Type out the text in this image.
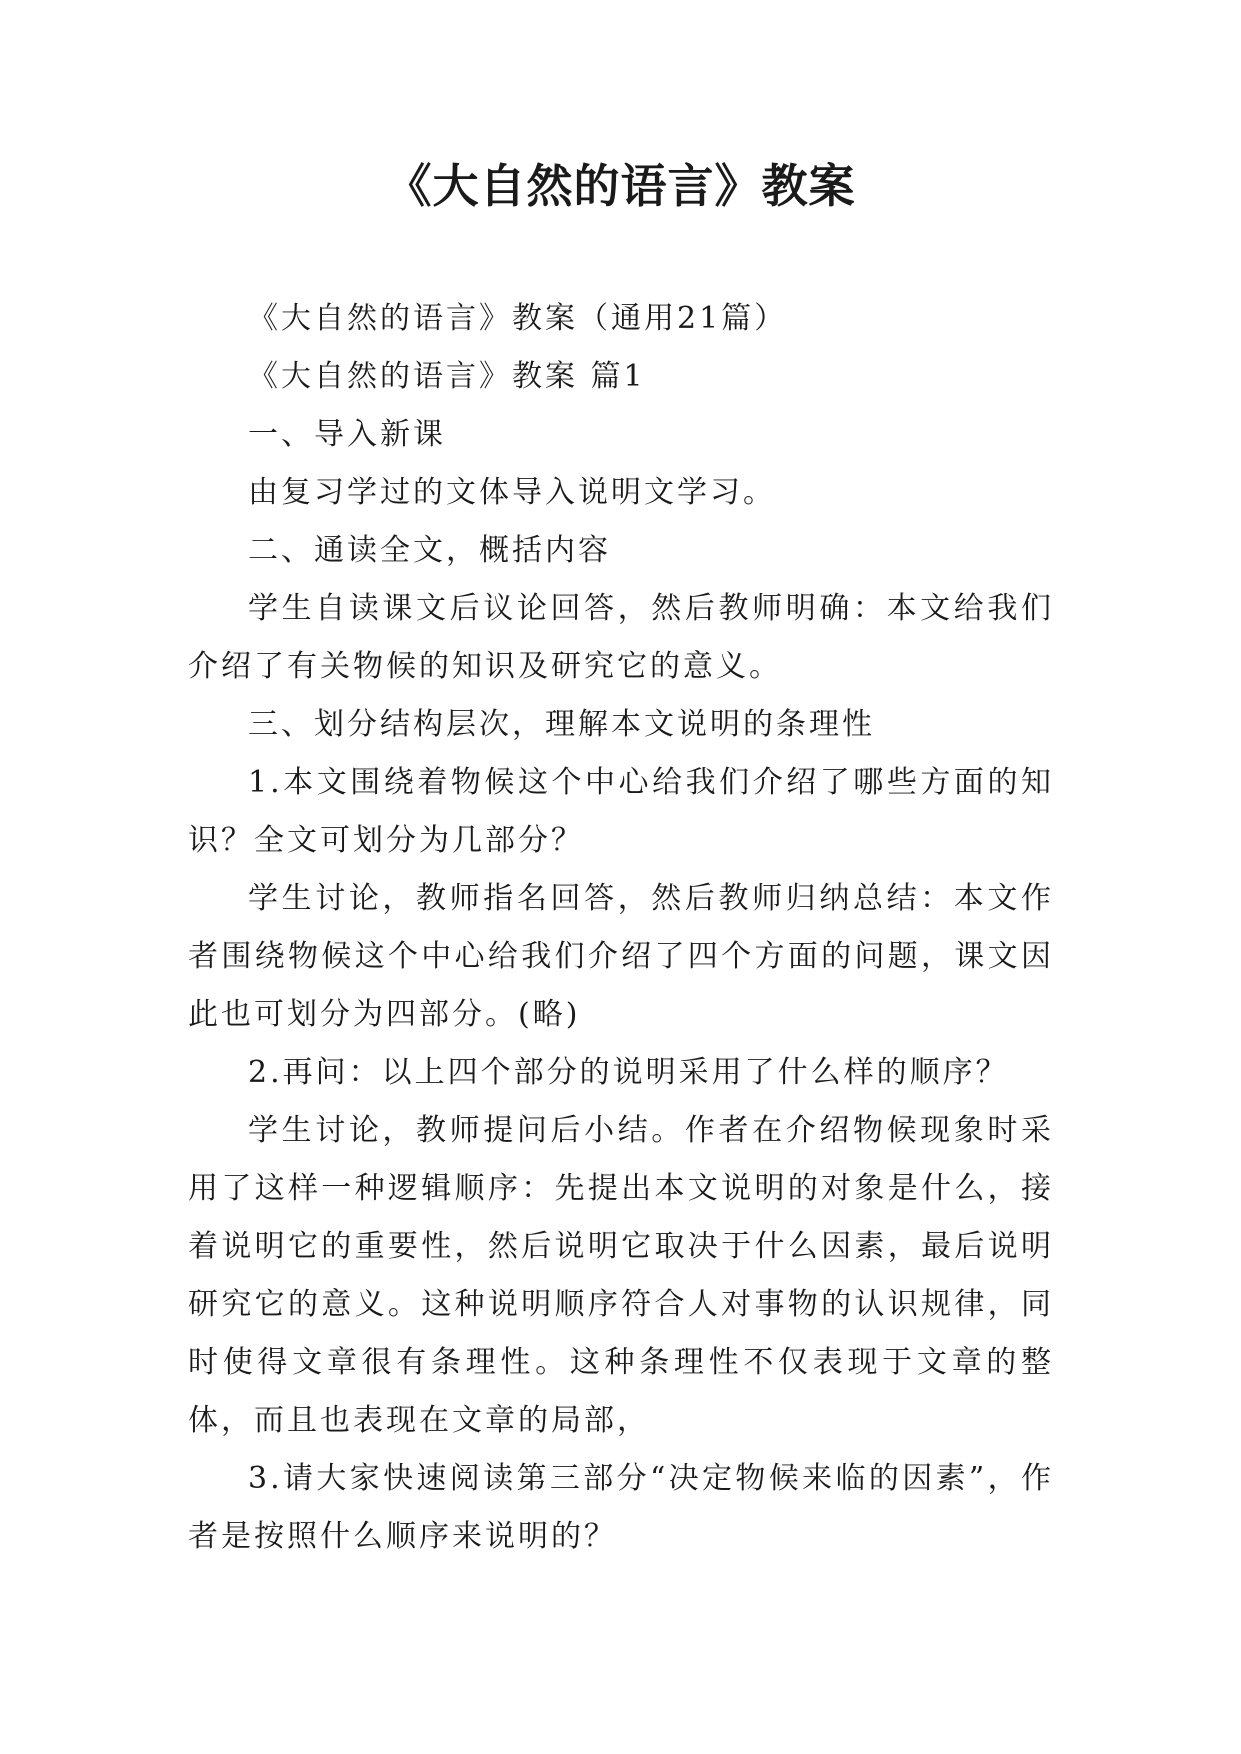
《大自然的语言》教案

《大自然的语言》教案（通用21篇）

《大自然的语言》教案 篇1

一、导入新课

由复习学过的文体导入说明文学习。

二、通读全文，概括内容

学生自读课文后议论回答，然后教师明确：本文给我们介绍了有关物候的知识及研究它的意义。

三、划分结构层次，理解本文说明的条理性

1.本文围绕着物候这个中心给我们介绍了哪些方面的知识？全文可划分为几部分？

学生讨论，教师指名回答，然后教师归纳总结：本文作者围绕物候这个中心给我们介绍了四个方面的问题，课文因此也可划分为四部分。(略)

2.再问：以上四个部分的说明采用了什么样的顺序？

学生讨论，教师提问后小结。作者在介绍物候现象时采用了这样一种逻辑顺序：先提出本文说明的对象是什么，接着说明它的重要性，然后说明它取决于什么因素，最后说明研究它的意义。这种说明顺序符合人对事物的认识规律，同时使得文章很有条理性。这种条理性不仅表现于文章的整体，而且也表现在文章的局部，

3.请大家快速阅读第三部分“决定物候来临的因素”，作者是按照什么顺序来说明的？
